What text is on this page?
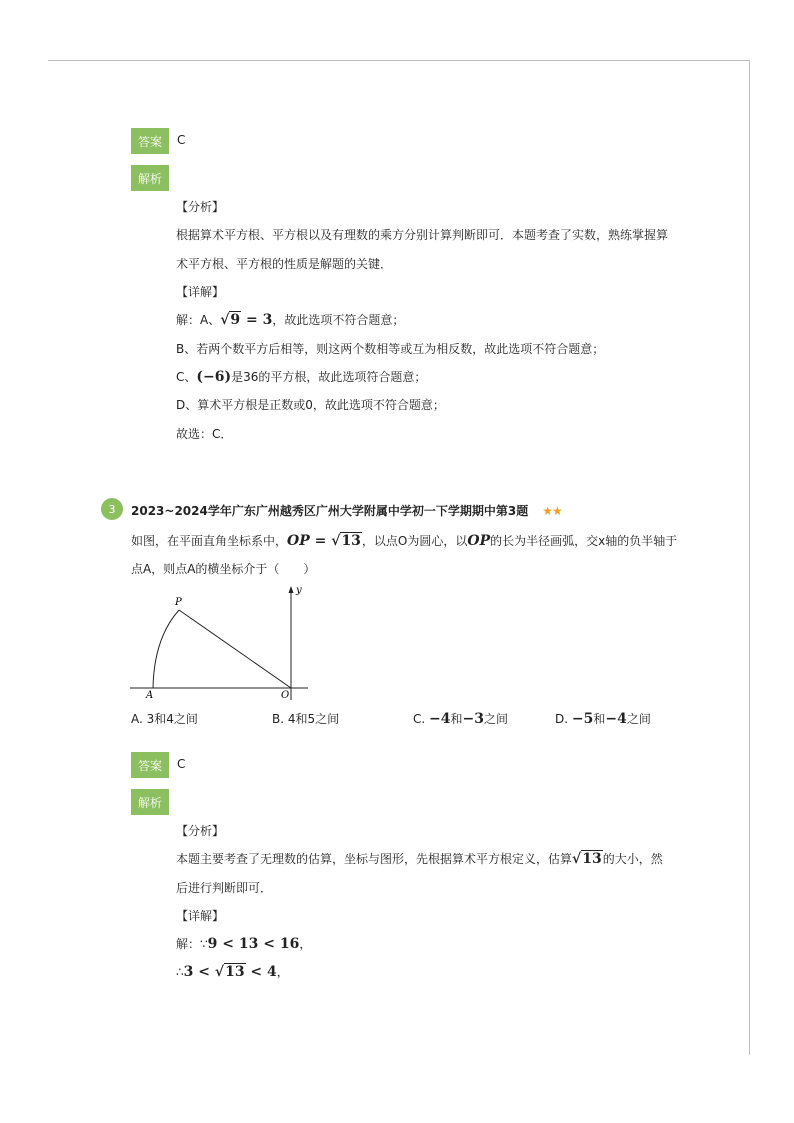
答案	C
解析
【分析】
根据算术平方根、平方根以及有理数的乘方分别计算判断即可．本题考查了实数，熟练掌握算
术平方根、平方根的性质是解题的关键．
【详解】
解：A、√9 = 3，故此选项不符合题意；
B、若两个数平方后相等，则这两个数相等或互为相反数，故此选项不符合题意；
C、(−6)是36的平方根，故此选项符合题意；
D、算术平方根是正数或0，故此选项不符合题意；
故选：C．
3	2023~2024学年广东广州越秀区广州大学附属中学初一下学期期中第3题 ★★
如图，在平面直角坐标系中，OP = √13，以点O为圆心，以OP的长为半径画弧，交x轴的负半轴于
点A，则点A的横坐标介于（　　）
P
y
A	O
A. 3和4之间	B. 4和5之间	C. −4和−3之间	D. −5和−4之间
答案	C
解析
【分析】
本题主要考查了无理数的估算，坐标与图形，先根据算术平方根定义，估算√13的大小，然
后进行判断即可．
【详解】
解：∵9 < 13 < 16，
∴3 < √13 < 4，
